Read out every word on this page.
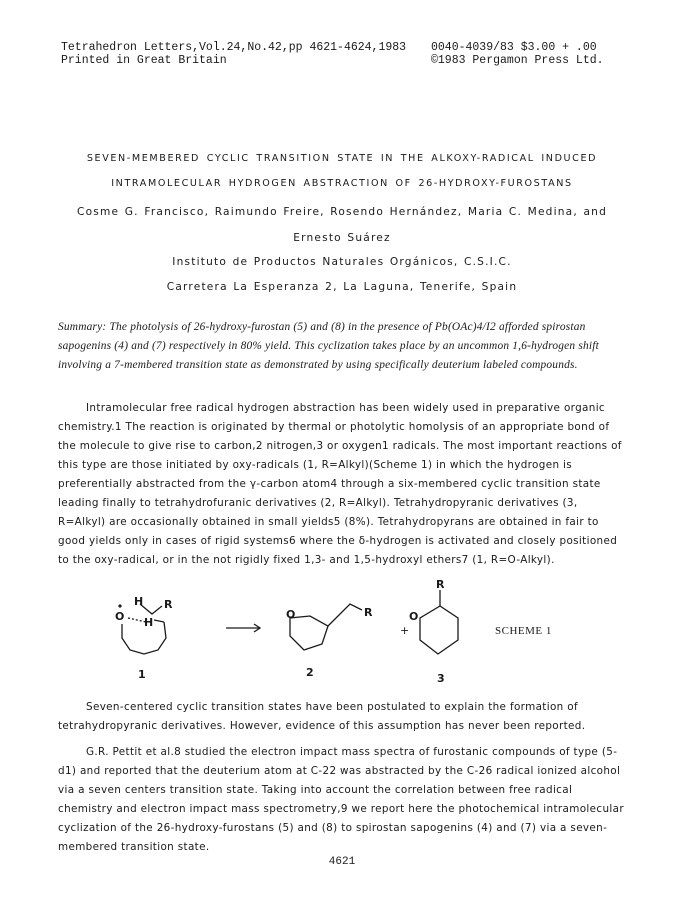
Tetrahedron Letters,Vol.24,No.42,pp 4621-4624,1983
Printed in Great Britain
0040-4039/83 $3.00 + .00
©1983 Pergamon Press Ltd.
SEVEN-MEMBERED CYCLIC TRANSITION STATE IN THE ALKOXY-RADICAL INDUCED
INTRAMOLECULAR HYDROGEN ABSTRACTION OF 26-HYDROXY-FUROSTANS
Cosme G. Francisco, Raimundo Freire, Rosendo Hernández, Maria C. Medina, and
Ernesto Suárez
Instituto de Productos Naturales Orgánicos, C.S.I.C.
Carretera La Esperanza 2, La Laguna, Tenerife, Spain
Summary: The photolysis of 26-hydroxy-furostan (5) and (8) in the presence of Pb(OAc)4/I2 afforded spirostan sapogenins (4) and (7) respectively in 80% yield. This cyclization takes place by an uncommon 1,6-hydrogen shift involving a 7-membered transition state as demonstrated by using specifically deuterium labeled compounds.
Intramolecular free radical hydrogen abstraction has been widely used in preparative organic chemistry.1 The reaction is originated by thermal or photolytic homolysis of an appropriate bond of the molecule to give rise to carbon,2 nitrogen,3 or oxygen1 radicals. The most important reactions of this type are those initiated by oxy-radicals (1, R=Alkyl)(Scheme 1) in which the hydrogen is preferentially abstracted from the γ-carbon atom4 through a six-membered cyclic transition state leading finally to tetrahydrofuranic derivatives (2, R=Alkyl). Tetrahydropyranic derivatives (3, R=Alkyl) are occasionally obtained in small yields5 (8%). Tetrahydropyrans are obtained in fair to good yields only in cases of rigid systems6 where the δ-hydrogen is activated and closely positioned to the oxy-radical, or in the not rigidly fixed 1,3- and 1,5-hydroxyl ethers7 (1, R=O-Alkyl).
O
H R
H
O	R
+
O
R
1	2	3
SCHEME 1
Seven-centered cyclic transition states have been postulated to explain the formation of tetrahydropyranic derivatives. However, evidence of this assumption has never been reported.
G.R. Pettit et al.8 studied the electron impact mass spectra of furostanic compounds of type (5-d1) and reported that the deuterium atom at C-22 was abstracted by the C-26 radical ionized alcohol via a seven centers transition state. Taking into account the correlation between free radical chemistry and electron impact mass spectrometry,9 we report here the photochemical intramolecular cyclization of the 26-hydroxy-furostans (5) and (8) to spirostan sapogenins (4) and (7) via a seven-membered transition state.
4621
